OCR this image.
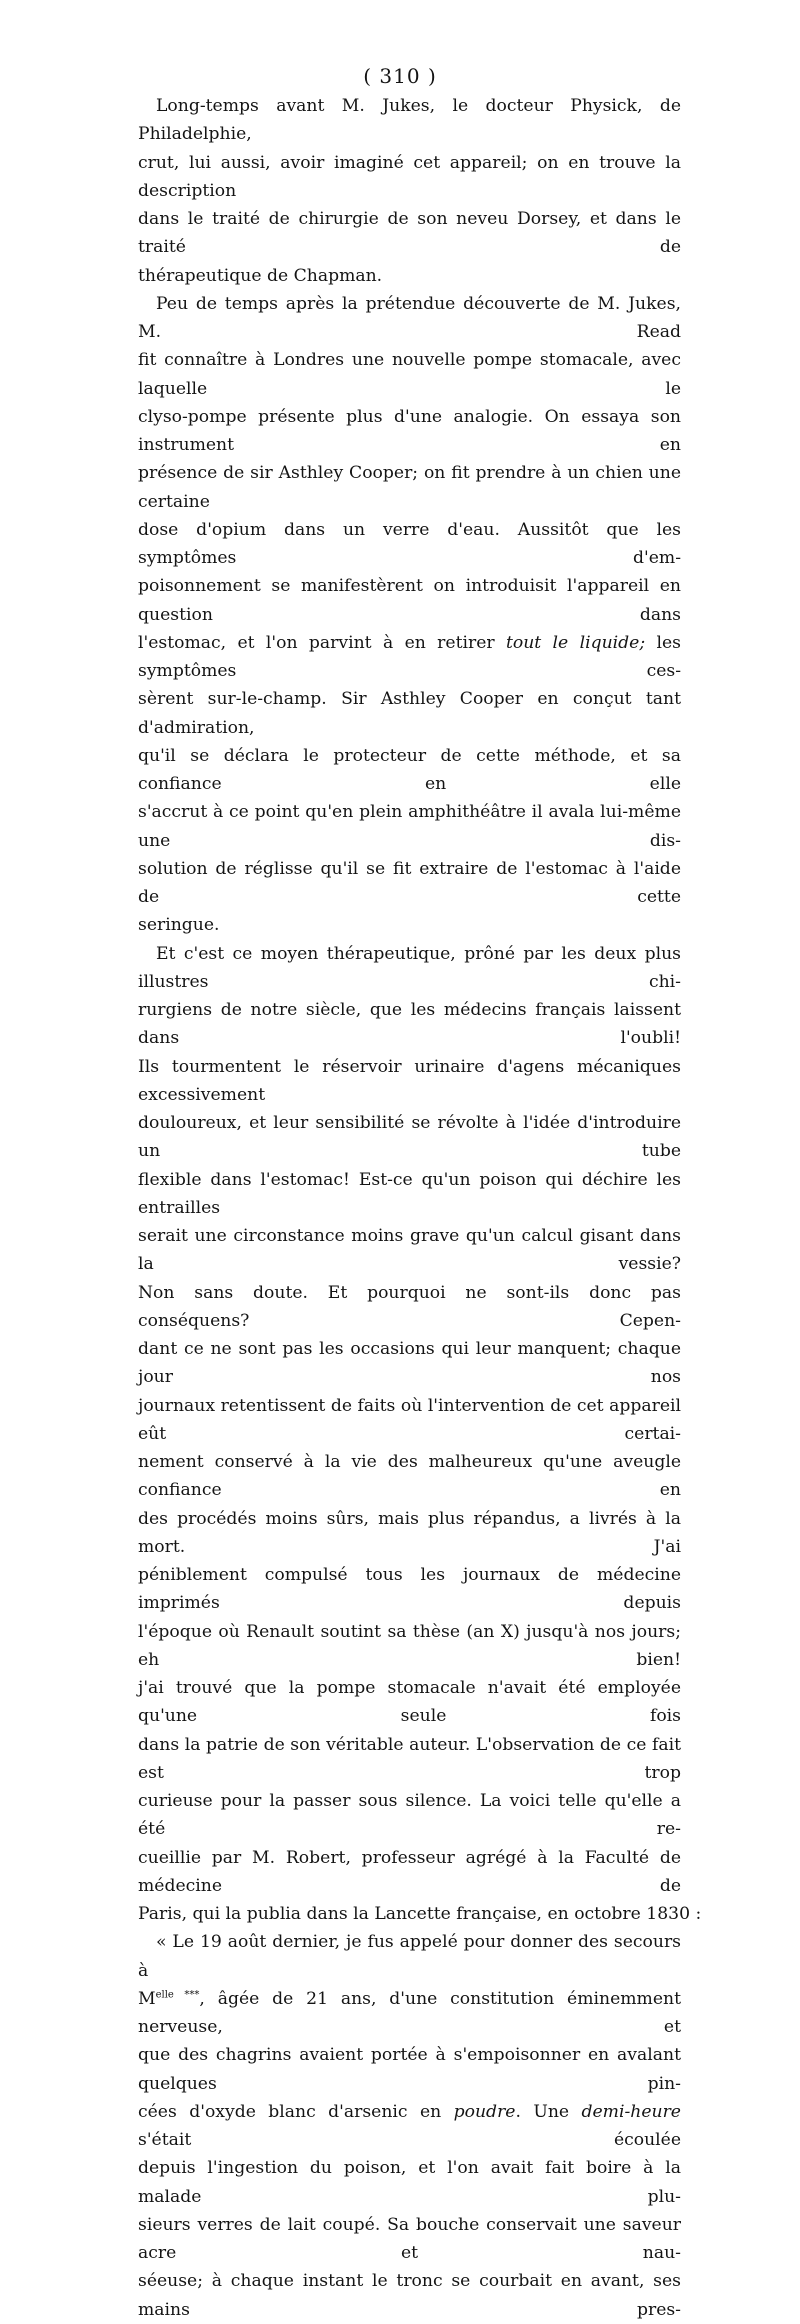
( 310 )
Long-temps avant M. Jukes, le docteur Physick, de Philadelphie,
crut, lui aussi, avoir imaginé cet appareil; on en trouve la description
dans le traité de chirurgie de son neveu Dorsey, et dans le traité de
thérapeutique de Chapman.
Peu de temps après la prétendue découverte de M. Jukes, M. Read
fit connaître à Londres une nouvelle pompe stomacale, avec laquelle le
clyso-pompe présente plus d'une analogie. On essaya son instrument en
présence de sir Asthley Cooper; on fit prendre à un chien une certaine
dose d'opium dans un verre d'eau. Aussitôt que les symptômes d'em-
poisonnement se manifestèrent on introduisit l'appareil en question dans
l'estomac, et l'on parvint à en retirer tout le liquide; les symptômes ces-
sèrent sur-le-champ. Sir Asthley Cooper en conçut tant d'admiration,
qu'il se déclara le protecteur de cette méthode, et sa confiance en elle
s'accrut à ce point qu'en plein amphithéâtre il avala lui-même une dis-
solution de réglisse qu'il se fit extraire de l'estomac à l'aide de cette
seringue.
Et c'est ce moyen thérapeutique, prôné par les deux plus illustres chi-
rurgiens de notre siècle, que les médecins français laissent dans l'oubli!
Ils tourmentent le réservoir urinaire d'agens mécaniques excessivement
douloureux, et leur sensibilité se révolte à l'idée d'introduire un tube
flexible dans l'estomac! Est-ce qu'un poison qui déchire les entrailles
serait une circonstance moins grave qu'un calcul gisant dans la vessie?
Non sans doute. Et pourquoi ne sont-ils donc pas conséquens? Cepen-
dant ce ne sont pas les occasions qui leur manquent; chaque jour nos
journaux retentissent de faits où l'intervention de cet appareil eût certai-
nement conservé à la vie des malheureux qu'une aveugle confiance en
des procédés moins sûrs, mais plus répandus, a livrés à la mort. J'ai
péniblement compulsé tous les journaux de médecine imprimés depuis
l'époque où Renault soutint sa thèse (an X) jusqu'à nos jours; eh bien!
j'ai trouvé que la pompe stomacale n'avait été employée qu'une seule fois
dans la patrie de son véritable auteur. L'observation de ce fait est trop
curieuse pour la passer sous silence. La voici telle qu'elle a été re-
cueillie par M. Robert, professeur agrégé à la Faculté de médecine de
Paris, qui la publia dans la Lancette française, en octobre 1830 :
« Le 19 août dernier, je fus appelé pour donner des secours à
$M^{elle ***}$, âgée de 21 ans, d'une constitution éminemment nerveuse, et
que des chagrins avaient portée à s'empoisonner en avalant quelques pin-
cées d'oxyde blanc d'arsenic en poudre. Une demi-heure s'était écoulée
depuis l'ingestion du poison, et l'on avait fait boire à la malade plu-
sieurs verres de lait coupé. Sa bouche conservait une saveur acre et nau-
séeuse; à chaque instant le tronc se courbait en avant, ses mains pres-
